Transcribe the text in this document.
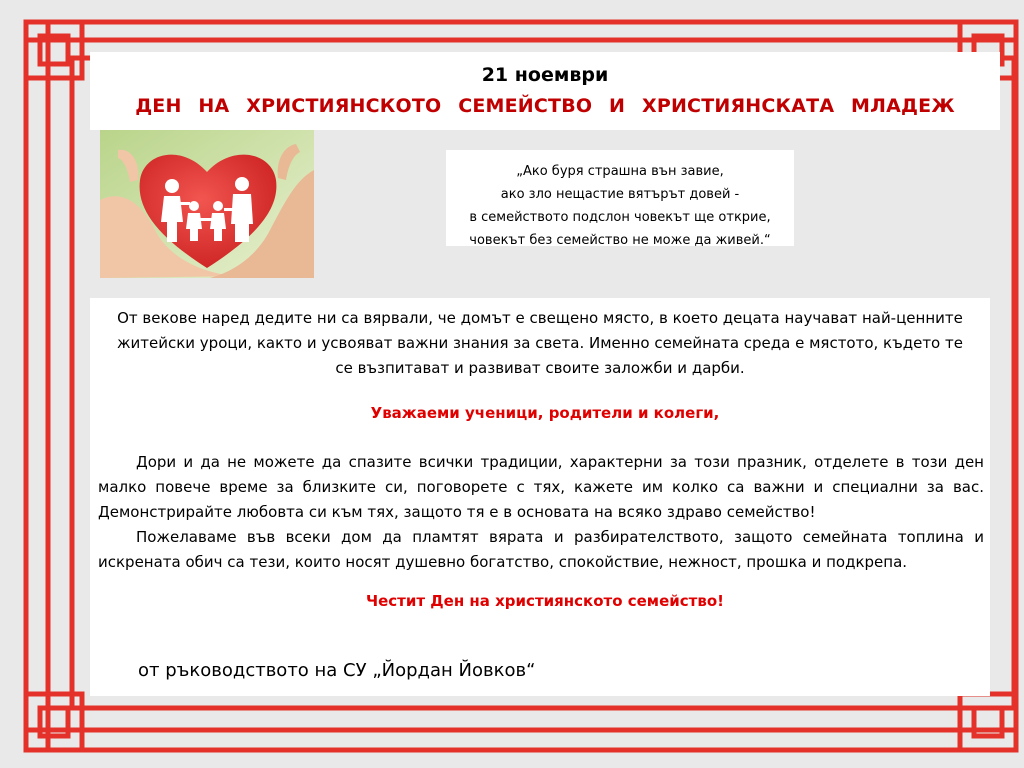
21 ноември
ДЕН НА ХРИСТИЯНСКОТО СЕМЕЙСТВО И ХРИСТИЯНСКАТА МЛАДЕЖ
„Ако буря страшна вън завие,
ако зло нещастие вятърът довей -
в семейството подслон човекът ще открие,
човекът без семейство не може да живей.“
От векове наред дедите ни са вярвали, че домът е свещено място, в което децата научават най-ценните житейски уроци, както и усвояват важни знания за света. Именно семейната среда е мястото, където те се възпитават и развиват своите заложби и дарби.
Уважаеми ученици, родители и колеги,

Дори и да не можете да спазите всички традиции, характерни за този празник, отделете в този ден малко повече време за близките си, поговорете с тях, кажете им колко са важни и специални за вас. Демонстрирайте любовта си към тях, защото тя е в основата на всяко здраво семейство!

Пожелаваме във всеки дом да пламтят вярата и разбирателството, защото семейната топлина и искрената обич са тези, които носят душевно богатство, спокойствие, нежност, прошка и подкрепа.

Честит Ден на християнското семейство!
от ръководството на СУ „Йордан Йовков“
